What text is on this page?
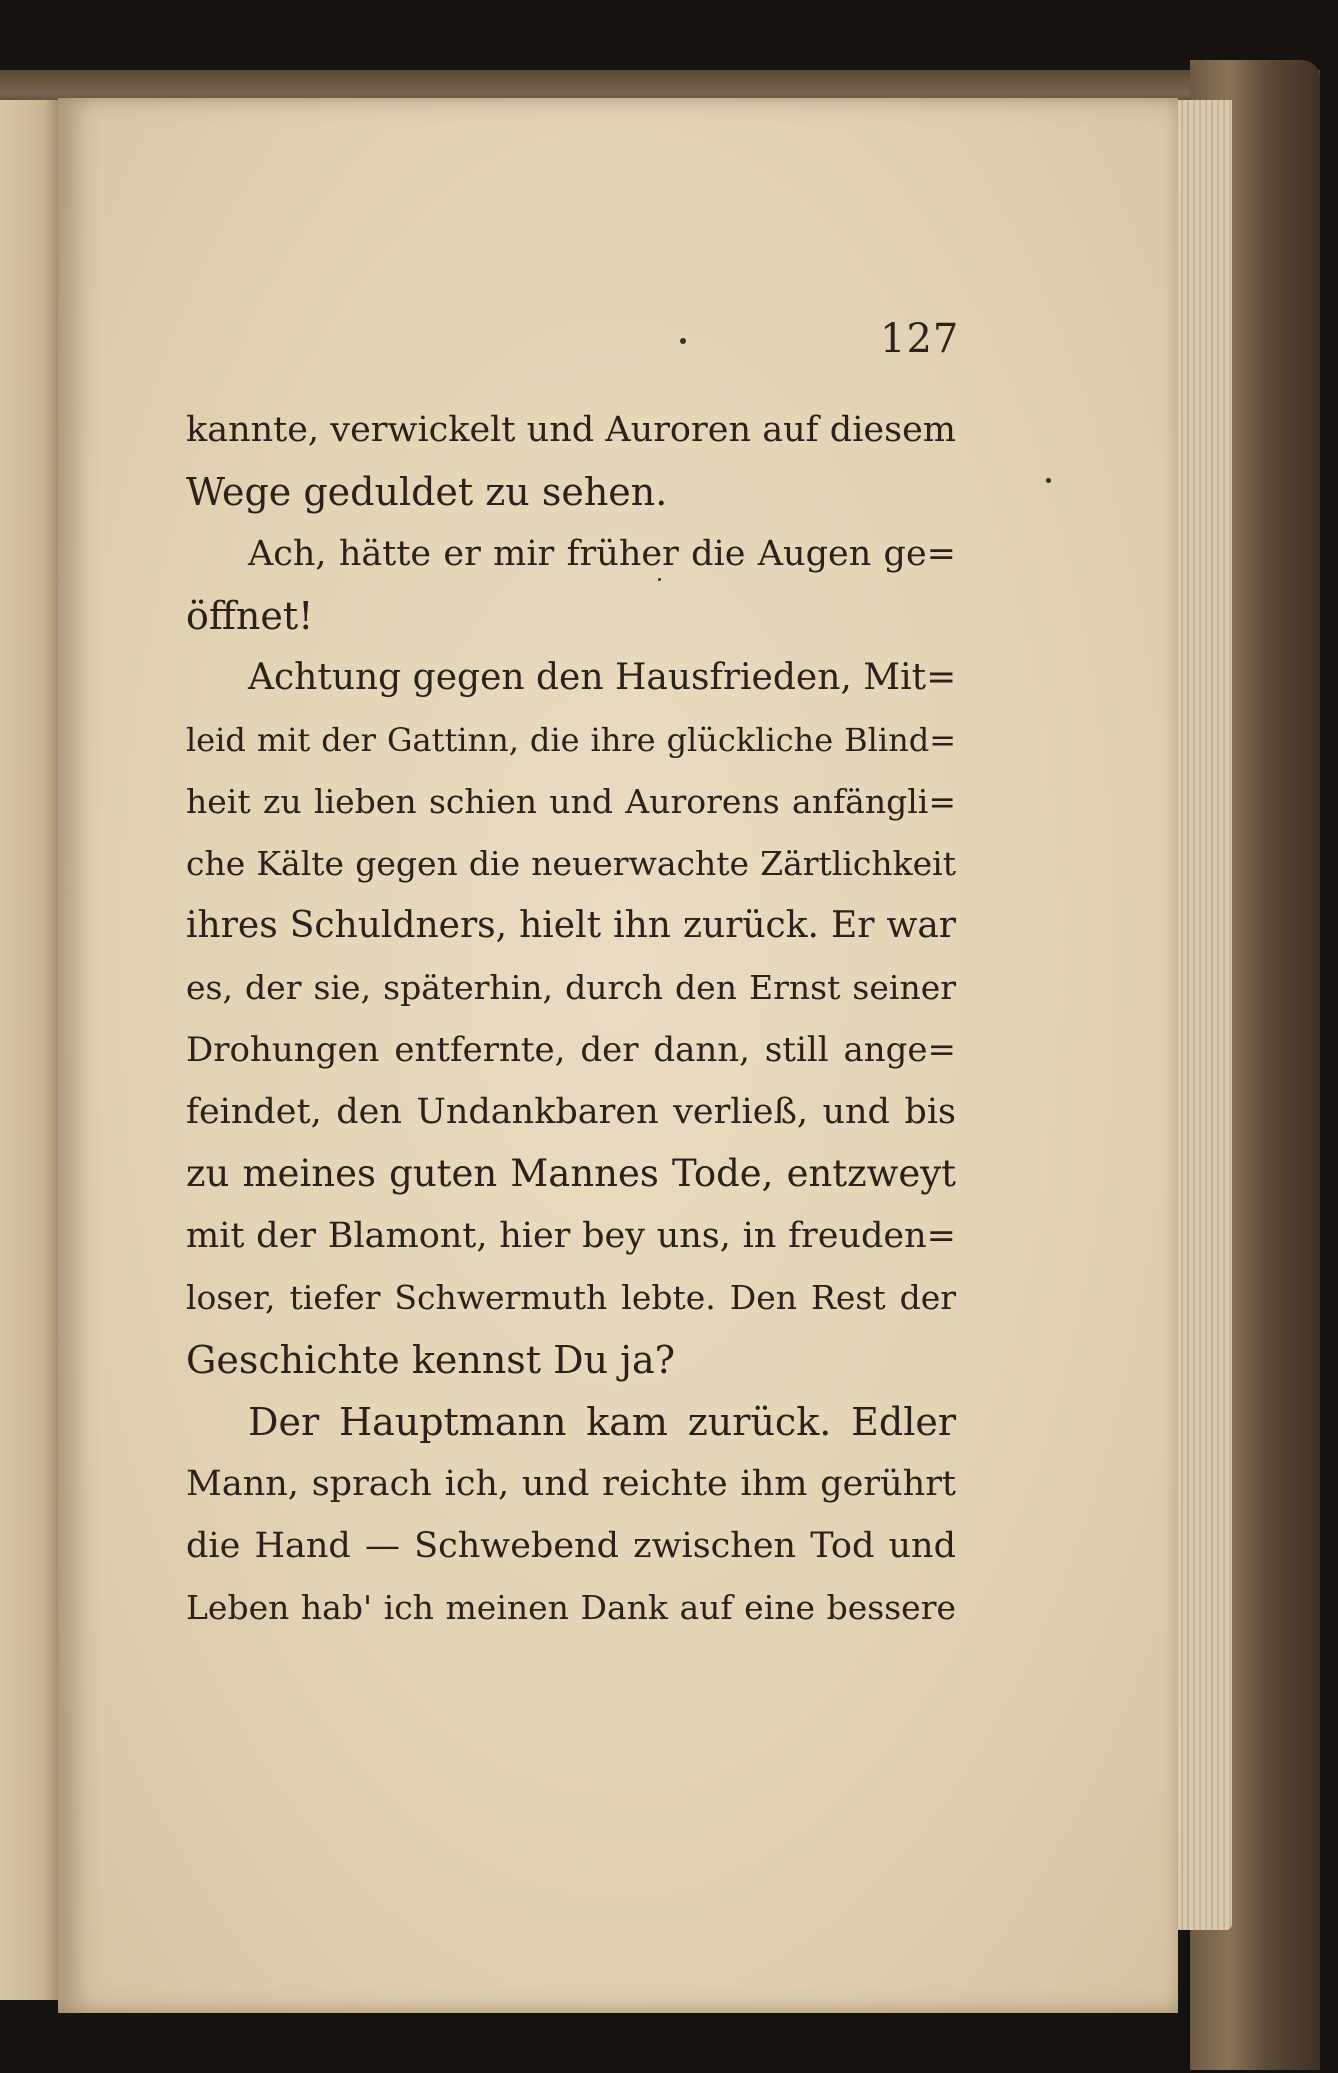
127
kannte, verwickelt und Auroren auf diesem
Wege geduldet zu sehen.
Ach, hätte er mir früher die Augen ge=
öffnet!
Achtung gegen den Hausfrieden, Mit=
leid mit der Gattinn, die ihre glückliche Blind=
heit zu lieben schien und Aurorens anfängli=
che Kälte gegen die neuerwachte Zärtlichkeit
ihres Schuldners, hielt ihn zurück. Er war
es, der sie, späterhin, durch den Ernst seiner
Drohungen entfernte, der dann, still ange=
feindet, den Undankbaren verließ, und bis
zu meines guten Mannes Tode, entzweyt
mit der Blamont, hier bey uns, in freuden=
loser, tiefer Schwermuth lebte. Den Rest der
Geschichte kennst Du ja?
Der Hauptmann kam zurück. Edler
Mann, sprach ich, und reichte ihm gerührt
die Hand — Schwebend zwischen Tod und
Leben hab' ich meinen Dank auf eine bessere
